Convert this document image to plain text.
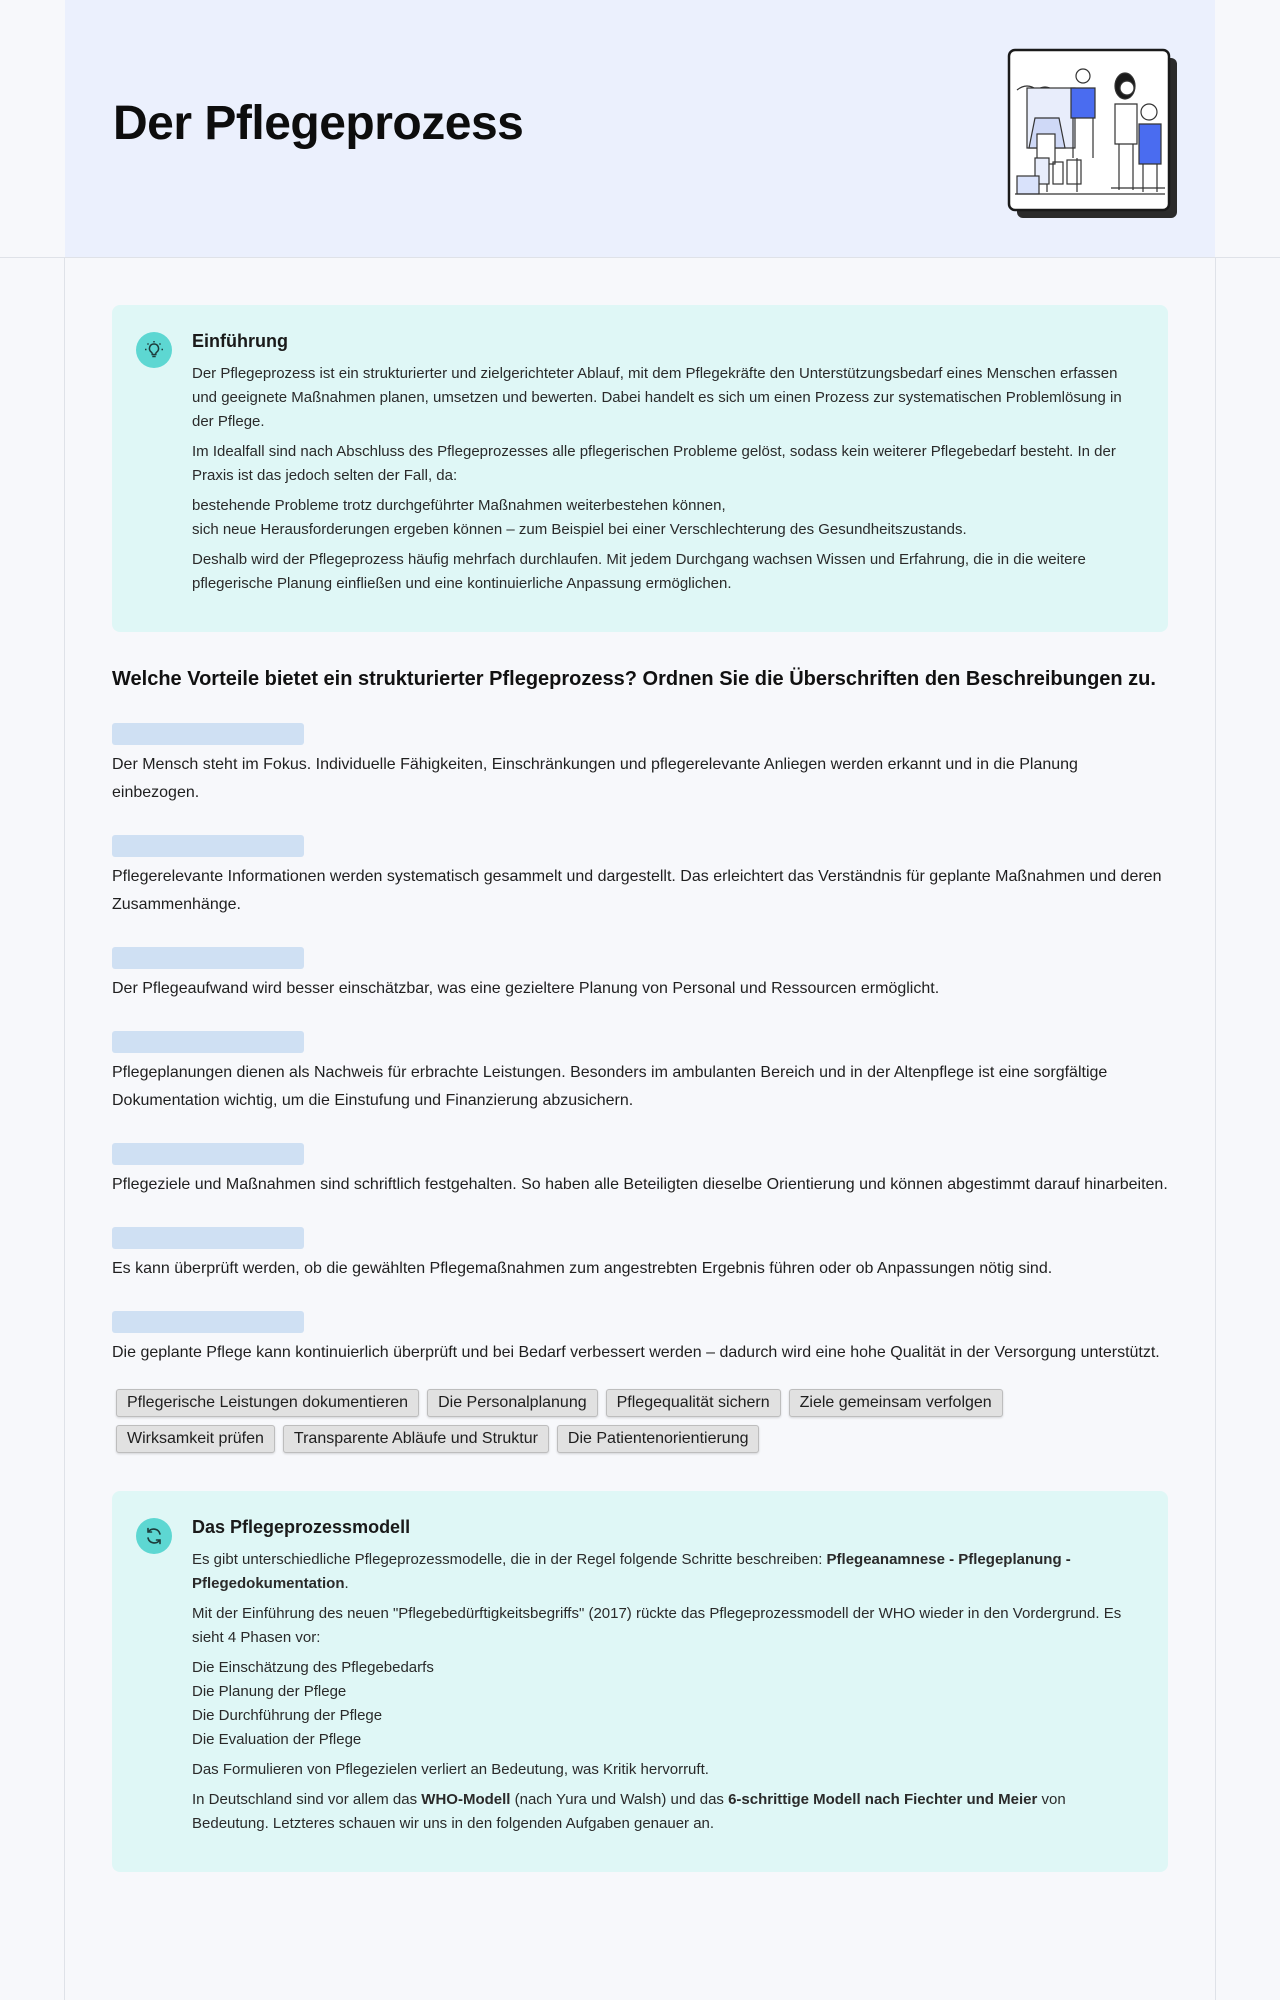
Der Pflegeprozess
Einführung

Der Pflegeprozess ist ein strukturierter und zielgerichteter Ablauf, mit dem Pflegekräfte den Unterstützungsbedarf eines Menschen erfassen und geeignete Maßnahmen planen, umsetzen und bewerten. Dabei handelt es sich um einen Prozess zur systematischen Problemlösung in der Pflege.

Im Idealfall sind nach Abschluss des Pflegeprozesses alle pflegerischen Probleme gelöst, sodass kein weiterer Pflegebedarf besteht. In der Praxis ist das jedoch selten der Fall, da:

bestehende Probleme trotz durchgeführter Maßnahmen weiterbestehen können,
sich neue Herausforderungen ergeben können – zum Beispiel bei einer Verschlechterung des Gesundheitszustands.

Deshalb wird der Pflegeprozess häufig mehrfach durchlaufen. Mit jedem Durchgang wachsen Wissen und Erfahrung, die in die weitere pflegerische Planung einfließen und eine kontinuierliche Anpassung ermöglichen.

Welche Vorteile bietet ein strukturierter Pflegeprozess? Ordnen Sie die Überschriften den Beschreibungen zu.

Der Mensch steht im Fokus. Individuelle Fähigkeiten, Einschränkungen und pflegerelevante Anliegen werden erkannt und in die Planung einbezogen.

Pflegerelevante Informationen werden systematisch gesammelt und dargestellt. Das erleichtert das Verständnis für geplante Maßnahmen und deren Zusammenhänge.

Der Pflegeaufwand wird besser einschätzbar, was eine gezieltere Planung von Personal und Ressourcen ermöglicht.

Pflegeplanungen dienen als Nachweis für erbrachte Leistungen. Besonders im ambulanten Bereich und in der Altenpflege ist eine sorgfältige Dokumentation wichtig, um die Einstufung und Finanzierung abzusichern.

Pflegeziele und Maßnahmen sind schriftlich festgehalten. So haben alle Beteiligten dieselbe Orientierung und können abgestimmt darauf hinarbeiten.

Es kann überprüft werden, ob die gewählten Pflegemaßnahmen zum angestrebten Ergebnis führen oder ob Anpassungen nötig sind.

Die geplante Pflege kann kontinuierlich überprüft und bei Bedarf verbessert werden – dadurch wird eine hohe Qualität in der Versorgung unterstützt.

Pflegerische Leistungen dokumentieren	Die Personalplanung	Pflegequalität sichern	Ziele gemeinsam verfolgen
Wirksamkeit prüfen	Transparente Abläufe und Struktur	Die Patientenorientierung
Das Pflegeprozessmodell

Es gibt unterschiedliche Pflegeprozessmodelle, die in der Regel folgende Schritte beschreiben: Pflegeanamnese - Pflegeplanung - Pflegedokumentation.

Mit der Einführung des neuen "Pflegebedürftigkeitsbegriffs" (2017) rückte das Pflegeprozessmodell der WHO wieder in den Vordergrund. Es sieht 4 Phasen vor:

Die Einschätzung des Pflegebedarfs
Die Planung der Pflege
Die Durchführung der Pflege
Die Evaluation der Pflege

Das Formulieren von Pflegezielen verliert an Bedeutung, was Kritik hervorruft.

In Deutschland sind vor allem das WHO-Modell (nach Yura und Walsh) und das 6-schrittige Modell nach Fiechter und Meier von Bedeutung. Letzteres schauen wir uns in den folgenden Aufgaben genauer an.
